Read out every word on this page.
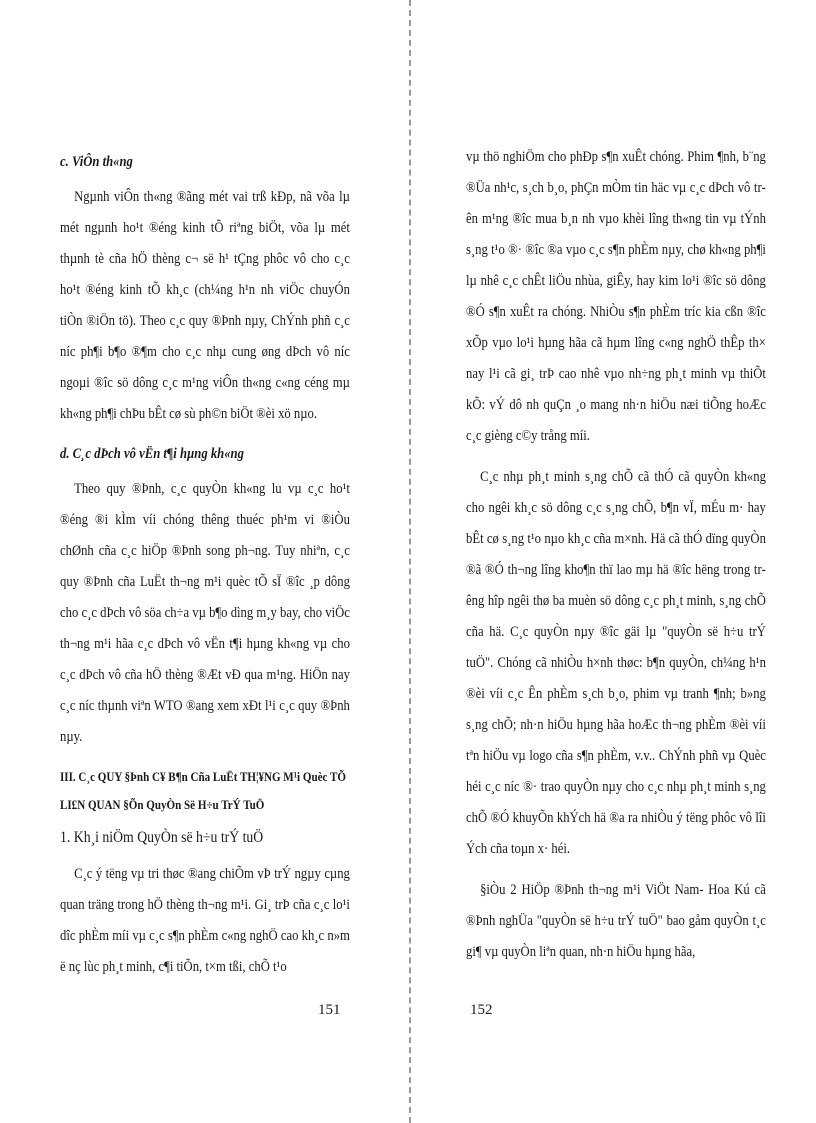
c. ViÔn th«ng

Ngµnh viÔn th«ng ®ãng mét vai trß kÐp, nã võa lµ mét ngµnh ho¹t ®éng kinh tÕ riªng biÖt, võa lµ mét thµnh tè cña hÖ thèng c¬ së h¹ tÇng phôc vô cho c¸c ho¹t ®éng kinh tÕ kh¸c (ch¼ng h¹n nh viÖc chuyÓn tiÒn ®iÖn tö). Theo c¸c quy ®Þnh nµy, ChÝnh phñ c¸c níc ph¶i b¶o ®¶m cho c¸c nhµ cung øng dÞch vô níc ngoµi ®îc sö dông c¸c m¹ng viÔn th«ng c«ng céng mµ kh«ng ph¶i chÞu bÊt cø sù ph©n biÖt ®èi xö nµo.

d. C¸c dÞch vô vËn t¶i hµng kh«ng

Theo quy ®Þnh, c¸c quyÒn kh«ng lu vµ c¸c ho¹t ®éng ®i kÌm víi chóng thêng thuéc ph¹m vi ®iÒu chØnh cña c¸c hiÖp ®Þnh song ph¬ng. Tuy nhiªn, c¸c quy ®Þnh cña LuËt th¬ng m¹i quèc tÕ sÏ ®îc ¸p dông cho c¸c dÞch vô söa ch÷a vµ b¶o dìng m¸y bay, cho viÖc th¬ng m¹i hãa c¸c dÞch vô vËn t¶i hµng kh«ng vµ cho c¸c dÞch vô cña hÖ thèng ®Æt vÐ qua m¹ng. HiÖn nay c¸c níc thµnh viªn WTO ®ang xem xÐt l¹i c¸c quy ®Þnh nµy.

III. C¸c QUY §Þnh C¥ B¶n Cña LuËt TH¦¥NG M¹i Quèc TÕ LI£N QUAN §Õn QuyÒn Së H÷u TrÝ TuÖ
1. Kh¸i niÖm QuyÒn së h÷u trÝ tuÖ

C¸c ý tëng vµ tri thøc ®ang chiÕm vÞ trÝ ngµy cµng quan träng trong hÖ thèng th¬ng m¹i. Gi¸ trÞ cña c¸c lo¹i dîc phÈm míi vµ c¸c s¶n phÈm c«ng nghÖ cao kh¸c n»m ë nç lùc ph¸t minh, c¶i tiÕn, t×m tßi, chÕ t¹o

151

vµ thö nghiÖm cho phÐp s¶n xuÊt chóng. Phim ¶nh, b¨ng ®Üa nh¹c, s¸ch b¸o, phÇn mÒm tin häc vµ c¸c dÞch vô trên m¹ng ®îc mua b¸n nh vµo khèi lîng th«ng tin vµ tÝnh s¸ng t¹o ®· ®îc ®a vµo c¸c s¶n phÈm nµy, chø kh«ng ph¶i lµ nhê c¸c chÊt liÖu nhùa, giÊy, hay kim lo¹i ®îc sö dông ®Ó s¶n xuÊt ra chóng. NhiÒu s¶n phÈm tríc kia cßn ®îc xÕp vµo lo¹i hµng hãa cã hµm lîng c«ng nghÖ thÊp th× nay l¹i cã gi¸ trÞ cao nhê vµo nh÷ng ph¸t minh vµ thiÕt kÕ: vÝ dô nh quÇn ¸o mang nh·n hiÖu næi tiÕng hoÆc c¸c gièng c©y trång míi.

C¸c nhµ ph¸t minh s¸ng chÕ cã thÓ cã quyÒn kh«ng cho ngêi kh¸c sö dông c¸c s¸ng chÕ, b¶n vÏ, mÉu m· hay bÊt cø s¸ng t¹o nµo kh¸c cña m×nh. Hä cã thÓ dïng quyÒn ®ã ®Ó th¬ng lîng kho¶n thï lao mµ hä ®îc hëng trong trêng hîp ngêi thø ba muèn sö dông c¸c ph¸t minh, s¸ng chÕ cña hä. C¸c quyÒn nµy ®îc gäi lµ "quyÒn së h÷u trÝ tuÖ". Chóng cã nhiÒu h×nh thøc: b¶n quyÒn, ch¼ng h¹n ®èi víi c¸c Ên phÈm s¸ch b¸o, phim vµ tranh ¶nh; b»ng s¸ng chÕ; nh·n hiÖu hµng hãa hoÆc th¬ng phÈm ®èi víi tªn hiÖu vµ logo cña s¶n phÈm, v.v.. ChÝnh phñ vµ Quèc héi c¸c níc ®· trao quyÒn nµy cho c¸c nhµ ph¸t minh s¸ng chÕ ®Ó khuyÕn khÝch hä ®a ra nhiÒu ý tëng phôc vô lîi Ých cña toµn x· héi.

§iÒu 2 HiÖp ®Þnh th¬ng m¹i ViÖt Nam- Hoa Kú cã ®Þnh nghÜa "quyÒn së h÷u trÝ tuÖ" bao gåm quyÒn t¸c gi¶ vµ quyÒn liªn quan, nh·n hiÖu hµng hãa,

152
